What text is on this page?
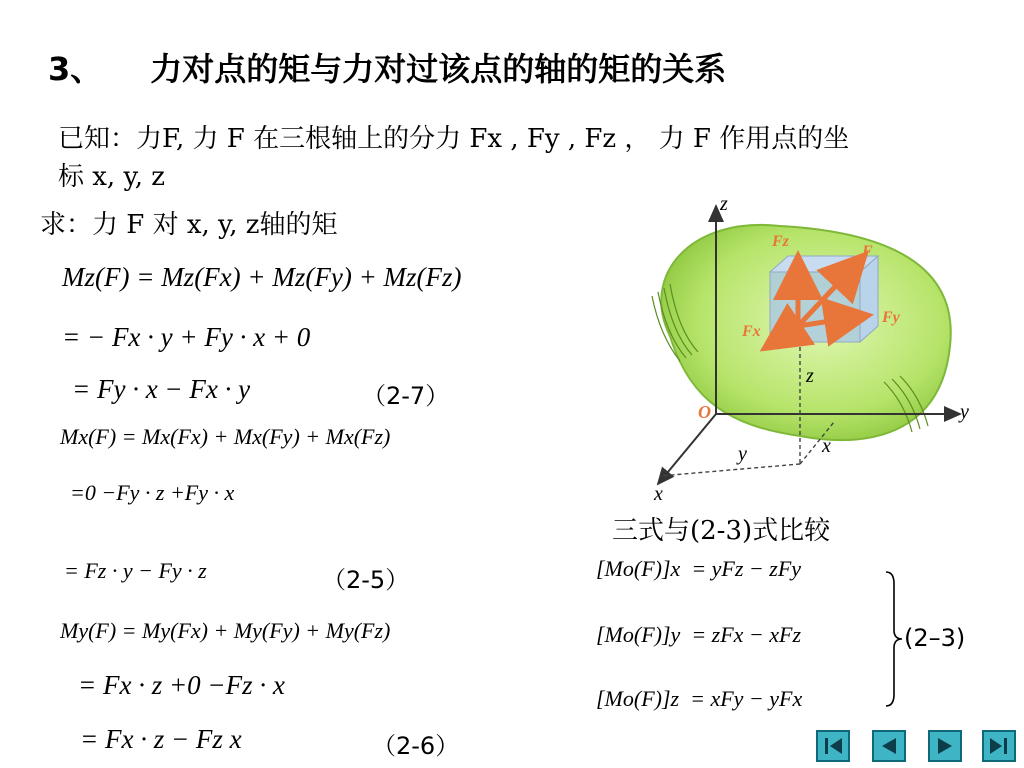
3、 力对点的矩与力对过该点的轴的矩的关系
已知：力F, 力 F 在三根轴上的分力 Fx , Fy , Fz ， 力 F 作用点的坐
标 x, y, z
求：力 F 对 x, y, z轴的矩
Mz(F) = Mz(Fx) + Mz(Fy) + Mz(Fz)
= − Fx · y + Fy · x + 0
= Fy · x − Fx · y	（2-7）
Mx(F) = Mx(Fx) + Mx(Fy) + Mx(Fz)
=0 −Fy · z +Fy · x
= Fz · y − Fy · z	（2-5）
My(F) = My(Fx) + My(Fy) + My(Fz)
= Fx · z +0 −Fz · x
= Fx · z − Fz x	（2-6）
三式与(2-3)式比较
[Mo(F)]x = yFz − zFy
[Mo(F)]y = zFx − xFz
[Mo(F)]z = xFy − yFx
(2–3)
z
y
x
z
y	x
O
Fz
F
Fy
Fx
